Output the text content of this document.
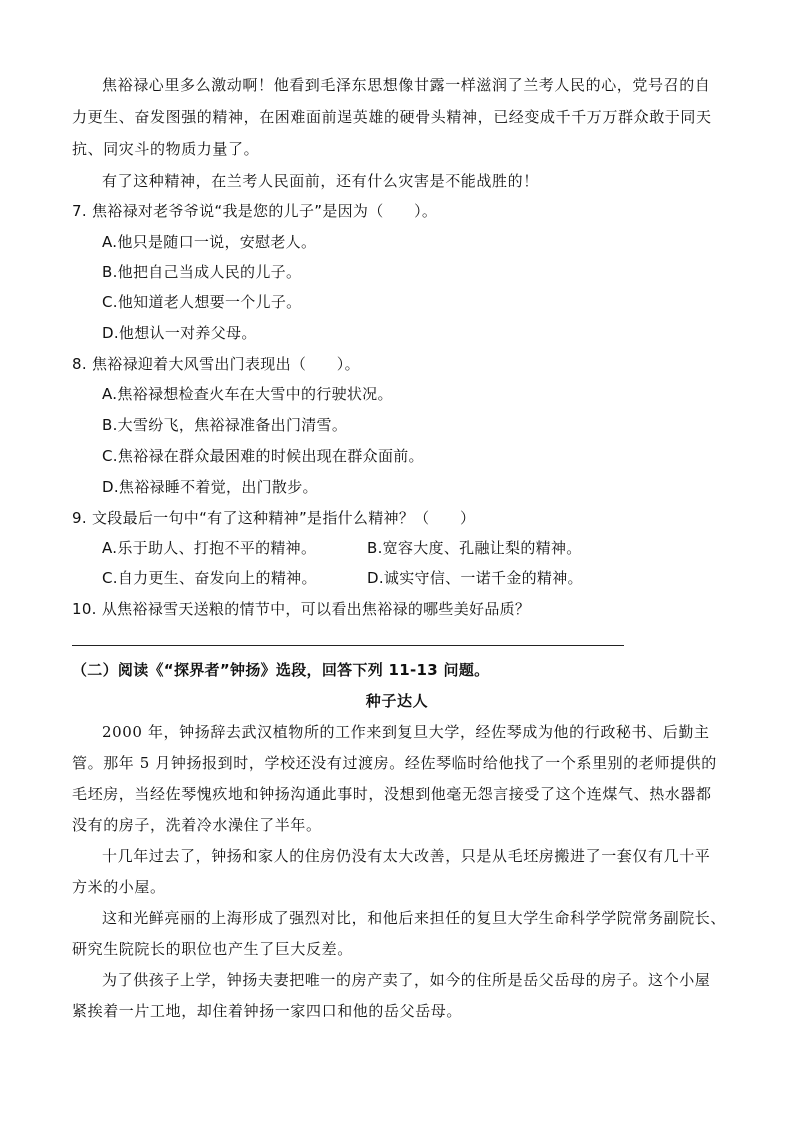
焦裕禄心里多么激动啊！他看到毛泽东思想像甘露一样滋润了兰考人民的心，党号召的自
力更生、奋发图强的精神，在困难面前逞英雄的硬骨头精神，已经变成千千万万群众敢于同天
抗、同灾斗的物质力量了。
有了这种精神，在兰考人民面前，还有什么灾害是不能战胜的！
7. 焦裕禄对老爷爷说“我是您的儿子”是因为（　　）。
A.他只是随口一说，安慰老人。
B.他把自己当成人民的儿子。
C.他知道老人想要一个儿子。
D.他想认一对养父母。
8. 焦裕禄迎着大风雪出门表现出（　　）。
A.焦裕禄想检查火车在大雪中的行驶状况。
B.大雪纷飞，焦裕禄准备出门清雪。
C.焦裕禄在群众最困难的时候出现在群众面前。
D.焦裕禄睡不着觉，出门散步。
9. 文段最后一句中“有了这种精神”是指什么精神？（　　）
A.乐于助人、打抱不平的精神。	B.宽容大度、孔融让梨的精神。
C.自力更生、奋发向上的精神。	D.诚实守信、一诺千金的精神。
10. 从焦裕禄雪天送粮的情节中，可以看出焦裕禄的哪些美好品质？
（二）阅读《“探界者”钟扬》选段，回答下列 11-13 问题。
种子达人
2000 年，钟扬辞去武汉植物所的工作来到复旦大学，经佐琴成为他的行政秘书、后勤主
管。那年 5 月钟扬报到时，学校还没有过渡房。经佐琴临时给他找了一个系里别的老师提供的
毛坯房，当经佐琴愧疚地和钟扬沟通此事时，没想到他毫无怨言接受了这个连煤气、热水器都
没有的房子，洗着冷水澡住了半年。
十几年过去了，钟扬和家人的住房仍没有太大改善，只是从毛坯房搬进了一套仅有几十平
方米的小屋。
这和光鲜亮丽的上海形成了强烈对比，和他后来担任的复旦大学生命科学学院常务副院长、
研究生院院长的职位也产生了巨大反差。
为了供孩子上学，钟扬夫妻把唯一的房产卖了，如今的住所是岳父岳母的房子。这个小屋
紧挨着一片工地，却住着钟扬一家四口和他的岳父岳母。
